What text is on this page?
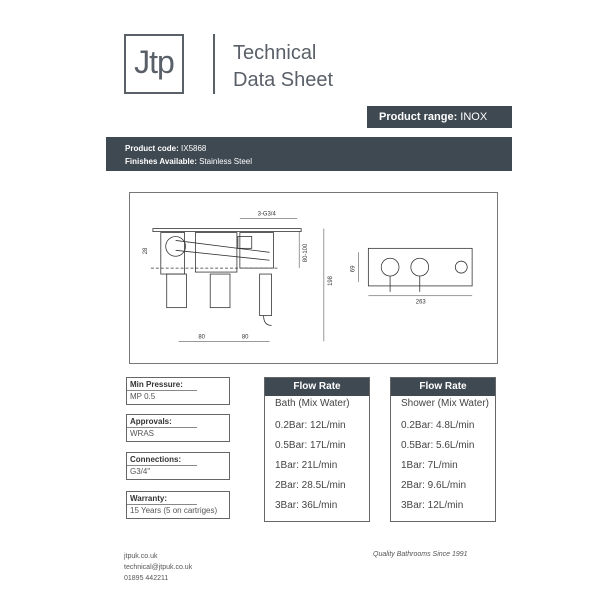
Jtp	Technical
Data Sheet
Product range: INOX
Product code: IX5868
Finishes Available: Stainless Steel
3-G3/4
28	80-100
198
80	80
69
263
Min Pressure:
MP 0.5
Approvals:
WRAS
Connections:
G3/4"
Warranty:
15 Years (5 on cartriges)
Flow Rate
Bath (Mix Water)
0.2Bar: 12L/min
0.5Bar: 17L/min
1Bar: 21L/min
2Bar: 28.5L/min
3Bar: 36L/min
Flow Rate
Shower (Mix Water)
0.2Bar: 4.8L/min
0.5Bar: 5.6L/min
1Bar: 7L/min
2Bar: 9.6L/min
3Bar: 12L/min
jtpuk.co.uk
technical@jtpuk.co.uk
01895 442211
Quality Bathrooms Since 1991
